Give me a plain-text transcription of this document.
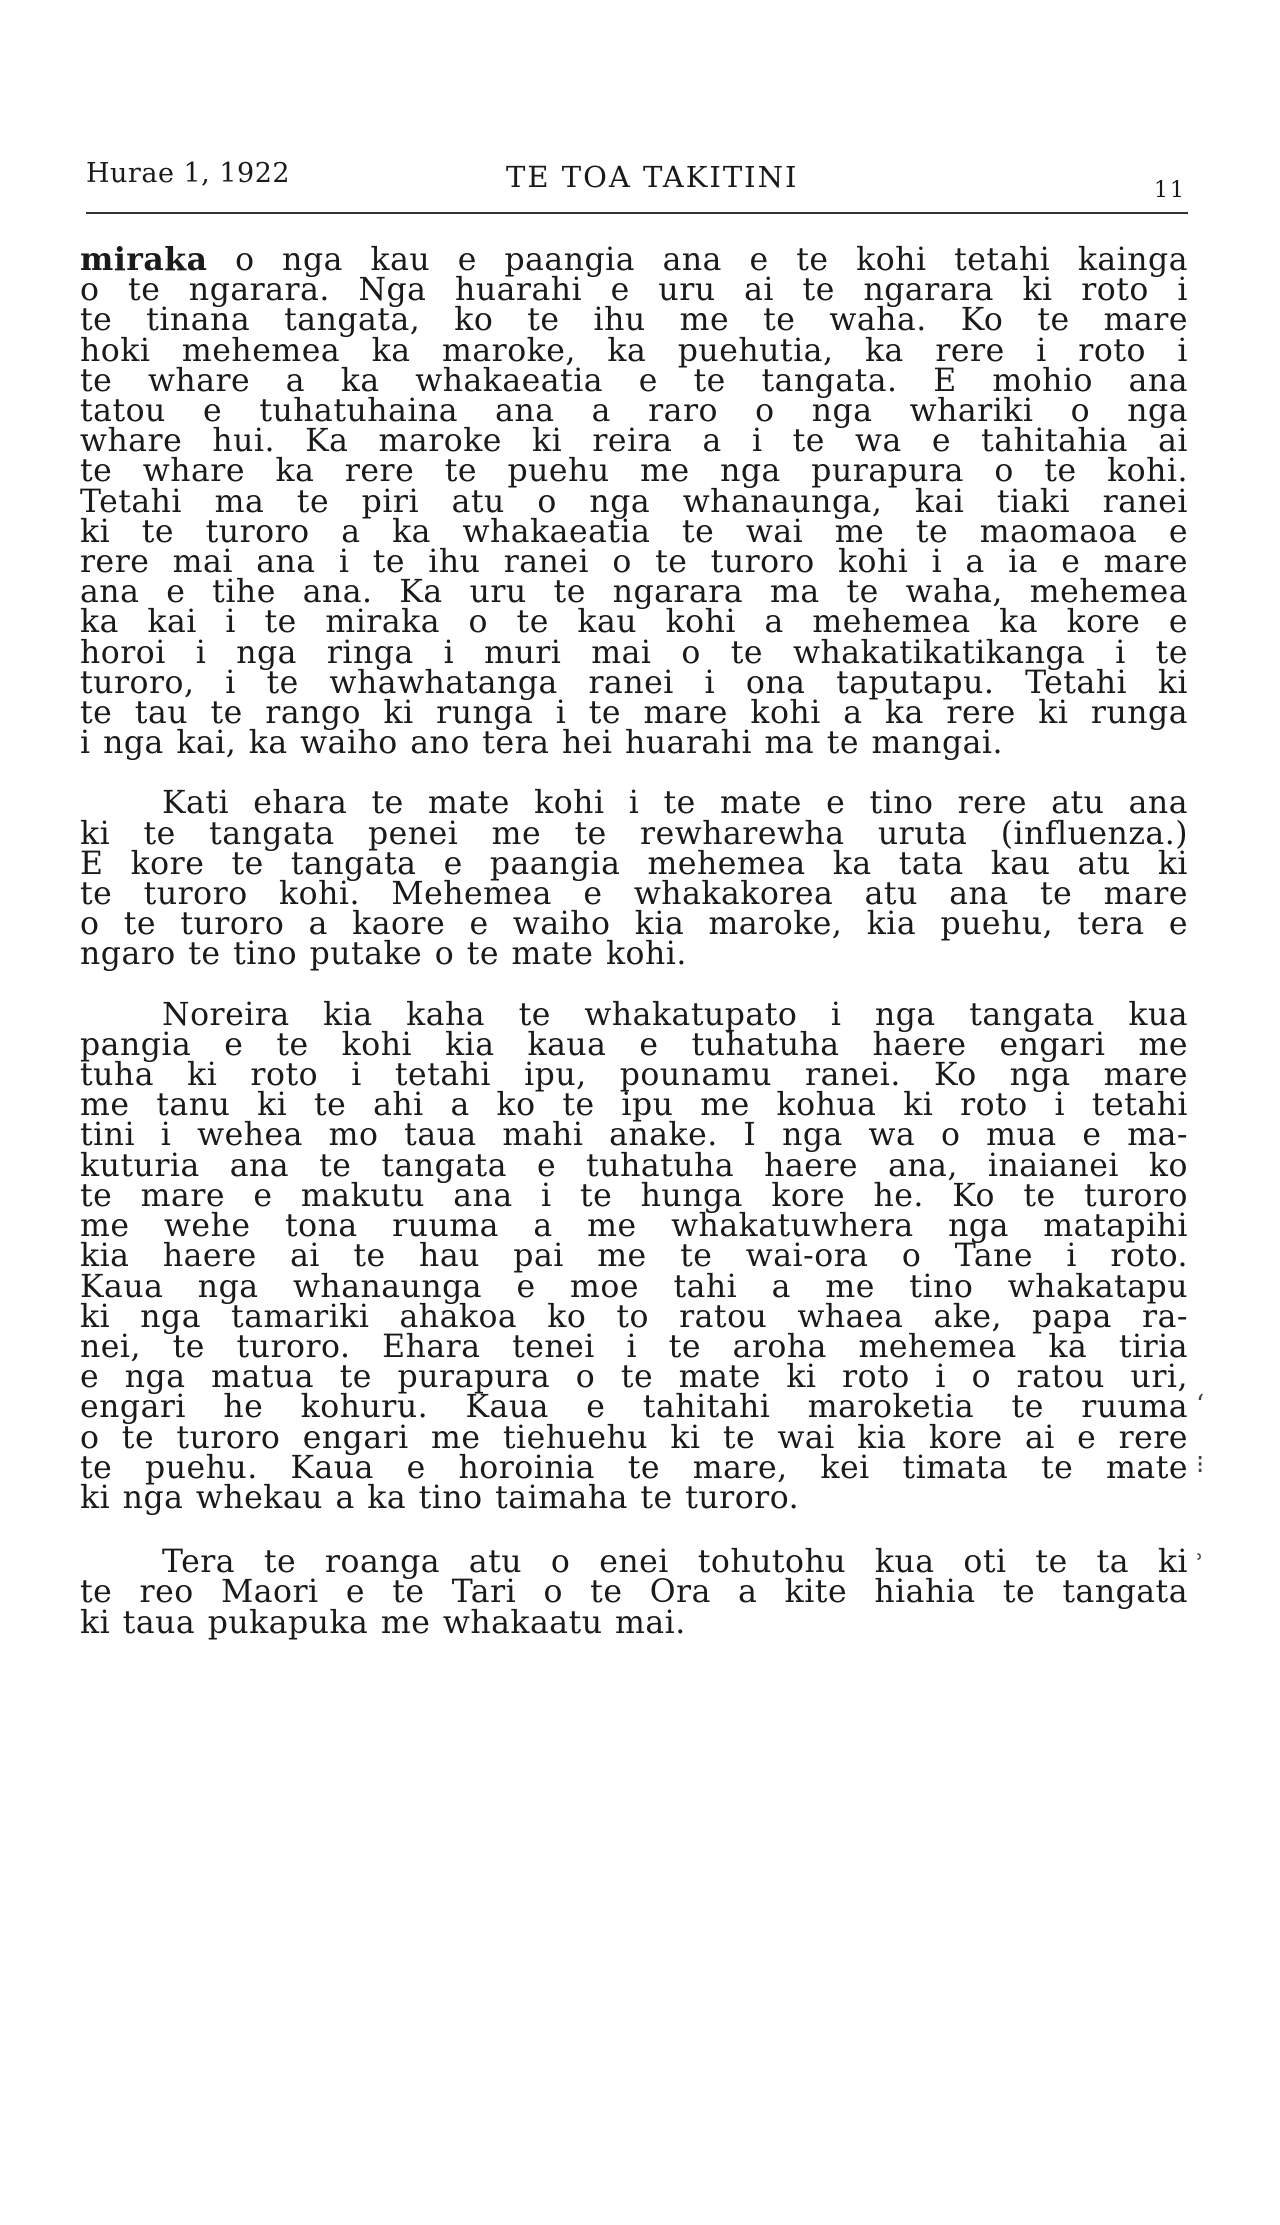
Hurae 1, 1922	TE TOA TAKITINI	11
miraka o nga kau e paangia ana e te kohi tetahi kainga
o te ngarara. Nga huarahi e uru ai te ngarara ki roto i
te tinana tangata, ko te ihu me te waha. Ko te mare
hoki mehemea ka maroke, ka puehutia, ka rere i roto i
te whare a ka whakaeatia e te tangata. E mohio ana
tatou e tuhatuhaina ana a raro o nga whariki o nga
whare hui. Ka maroke ki reira a i te wa e tahitahia ai
te whare ka rere te puehu me nga purapura o te kohi.
Tetahi ma te piri atu o nga whanaunga, kai tiaki ranei
ki te turoro a ka whakaeatia te wai me te maomaoa e
rere mai ana i te ihu ranei o te turoro kohi i a ia e mare
ana e tihe ana. Ka uru te ngarara ma te waha, mehemea
ka kai i te miraka o te kau kohi a mehemea ka kore e
horoi i nga ringa i muri mai o te whakatikatikanga i te
turoro, i te whawhatanga ranei i ona taputapu. Tetahi ki
te tau te rango ki runga i te mare kohi a ka rere ki runga
i nga kai, ka waiho ano tera hei huarahi ma te mangai.
Kati ehara te mate kohi i te mate e tino rere atu ana
ki te tangata penei me te rewharewha uruta (influenza.)
E kore te tangata e paangia mehemea ka tata kau atu ki
te turoro kohi. Mehemea e whakakorea atu ana te mare
o te turoro a kaore e waiho kia maroke, kia puehu, tera e
ngaro te tino putake o te mate kohi.
Noreira kia kaha te whakatupato i nga tangata kua
pangia e te kohi kia kaua e tuhatuha haere engari me
tuha ki roto i tetahi ipu, pounamu ranei. Ko nga mare
me tanu ki te ahi a ko te ipu me kohua ki roto i tetahi
tini i wehea mo taua mahi anake. I nga wa o mua e ma-
kuturia ana te tangata e tuhatuha haere ana, inaianei ko
te mare e makutu ana i te hunga kore he. Ko te turoro
me wehe tona ruuma a me whakatuwhera nga matapihi
kia haere ai te hau pai me te wai-ora o Tane i roto.
Kaua nga whanaunga e moe tahi a me tino whakatapu
ki nga tamariki ahakoa ko to ratou whaea ake, papa ra-
nei, te turoro. Ehara tenei i te aroha mehemea ka tiria
e nga matua te purapura o te mate ki roto i o ratou uri,
engari he kohuru. Kaua e tahitahi maroketia te ruuma
o te turoro engari me tiehuehu ki te wai kia kore ai e rere
te puehu. Kaua e horoinia te mare, kei timata te mate
ki nga whekau a ka tino taimaha te turoro.
Tera te roanga atu o enei tohutohu kua oti te ta ki
te reo Maori e te Tari o te Ora a kite hiahia te tangata
ki taua pukapuka me whakaatu mai.
ʻ
⁝
ʾ
